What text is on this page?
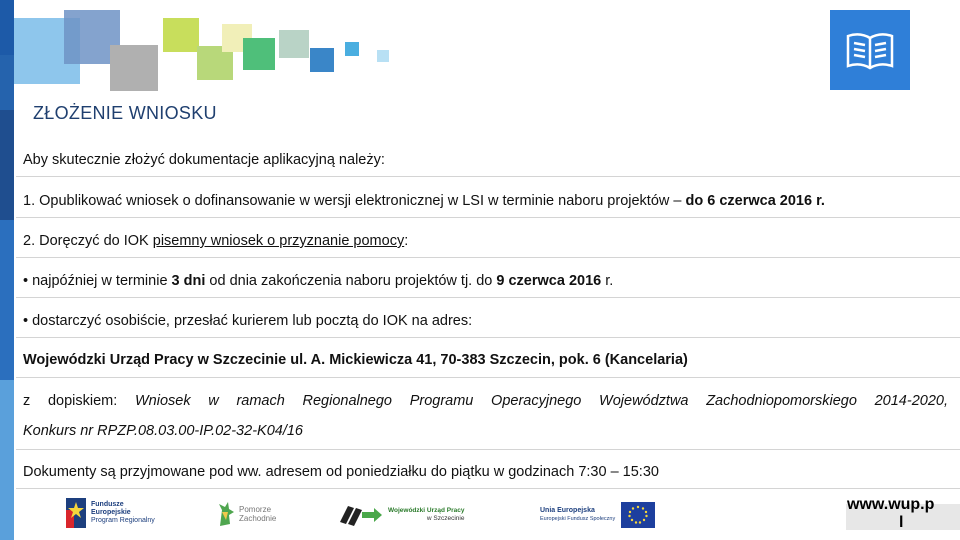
ZŁOŻENIE WNIOSKU
Aby skutecznie złożyć dokumentacje aplikacyjną należy:
1. Opublikować wniosek o dofinansowanie w wersji elektronicznej w LSI w terminie naboru projektów – do 6 czerwca 2016 r.
2. Doręczyć do IOK pisemny wniosek o przyznanie pomocy:
• najpóźniej w terminie 3 dni od dnia zakończenia naboru projektów tj. do 9 czerwca 2016 r.
• dostarczyć osobiście, przesłać kurierem lub pocztą do IOK na adres:
Wojewódzki Urząd Pracy w Szczecinie ul. A. Mickiewicza 41, 70-383 Szczecin, pok. 6 (Kancelaria)
z dopiskiem: Wniosek w ramach Regionalnego Programu Operacyjnego Województwa Zachodniopomorskiego 2014-2020,
Konkurs nr RPZP.08.03.00-IP.02-32-K04/16
Dokumenty są przyjmowane pod ww. adresem od poniedziałku do piątku w godzinach 7:30 – 15:30
Fundusze
Europejskie
Program Regionalny
Pomorze
Zachodnie
Wojewódzki Urząd Pracy
w Szczecinie
Unia Europejska
Europejski Fundusz Społeczny
www.wup.p
l
